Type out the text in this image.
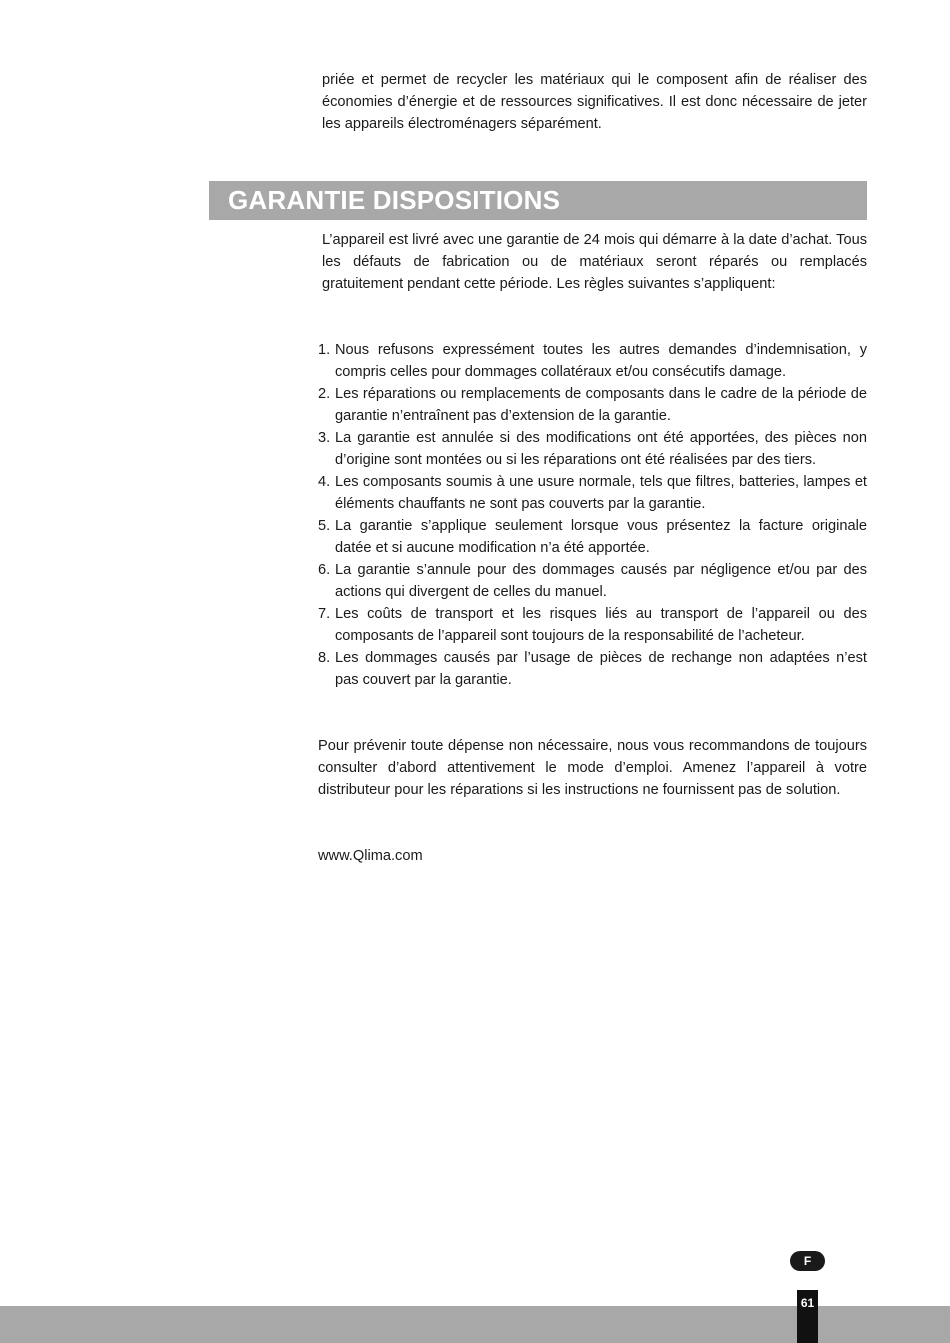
priée et permet de recycler les matériaux qui le composent afin de réaliser des économies d’énergie et de ressources significatives. Il est donc nécessaire de jeter les appareils électroménagers séparément.

GARANTIE DISPOSITIONS

L’appareil est livré avec une garantie de 24 mois qui démarre à la date d’achat. Tous les défauts de fabrication ou de matériaux seront réparés ou remplacés gratuitement pendant cette période. Les règles suivantes s’appliquent:

1. Nous refusons expressément toutes les autres demandes d’indemnisation, y compris celles pour dommages collatéraux et/ou consécutifs damage.
2. Les réparations ou remplacements de composants dans le cadre de la période de garantie n’entraînent pas d’extension de la garantie.
3. La garantie est annulée si des modifications ont été apportées, des pièces non d’origine sont montées ou si les réparations ont été réalisées par des tiers.
4. Les composants soumis à une usure normale, tels que filtres, batteries, lampes et éléments chauffants ne sont pas couverts par la garantie.
5. La garantie s’applique seulement lorsque vous présentez la facture originale datée et si aucune modification n’a été apportée.
6. La garantie s’annule pour des dommages causés par négligence et/ou par des actions qui divergent de celles du manuel.
7. Les coûts de transport et les risques liés au transport de l’appareil ou des composants de l’appareil sont toujours de la responsabilité de l’acheteur.
8. Les dommages causés par l’usage de pièces de rechange non adaptées n’est pas couvert par la garantie.

Pour prévenir toute dépense non nécessaire, nous vous recommandons de toujours consulter d’abord attentivement le mode d’emploi. Amenez l’appareil à votre distributeur pour les réparations si les instructions ne fournissent pas de solution.

www.Qlima.com

F
61
